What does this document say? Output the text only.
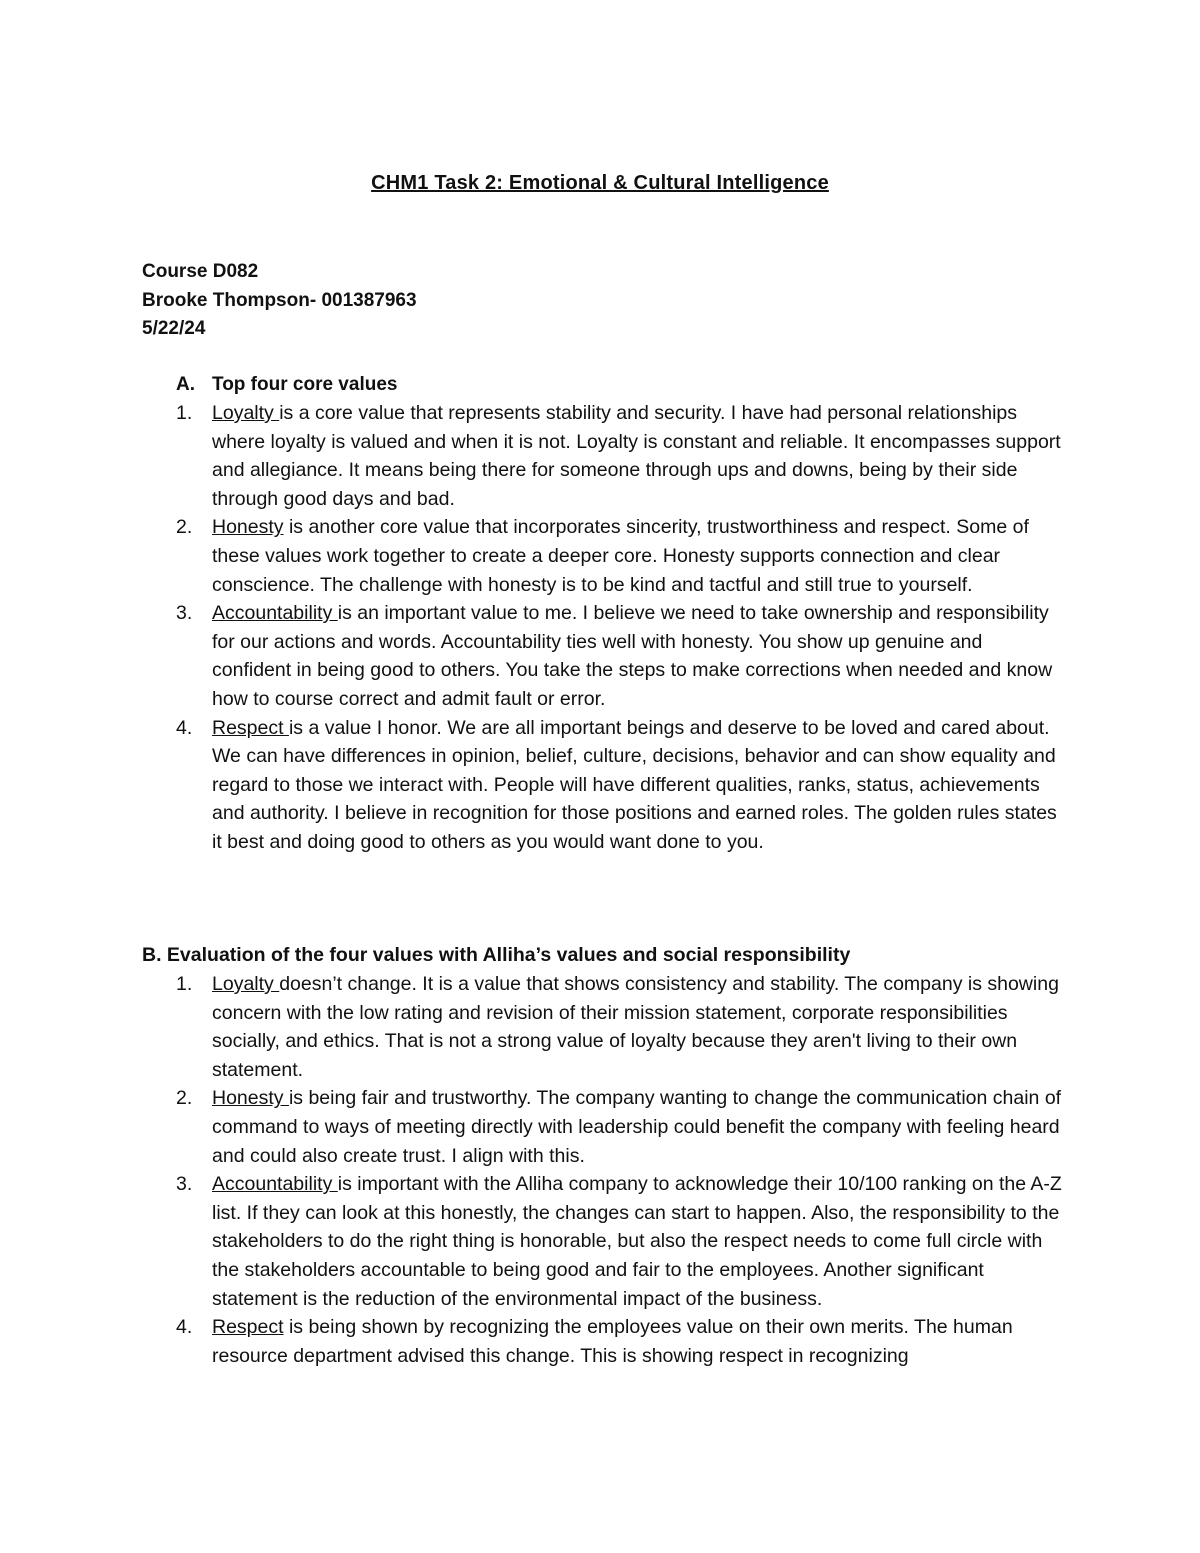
CHM1 Task 2: Emotional & Cultural Intelligence
Course D082
Brooke Thompson- 001387963
5/22/24
A. Top four core values
1. Loyalty is a core value that represents stability and security. I have had personal relationships where loyalty is valued and when it is not. Loyalty is constant and reliable. It encompasses support and allegiance. It means being there for someone through ups and downs, being by their side through good days and bad.
2. Honesty is another core value that incorporates sincerity, trustworthiness and respect. Some of these values work together to create a deeper core. Honesty supports connection and clear conscience. The challenge with honesty is to be kind and tactful and still true to yourself.
3. Accountability is an important value to me. I believe we need to take ownership and responsibility for our actions and words. Accountability ties well with honesty. You show up genuine and confident in being good to others. You take the steps to make corrections when needed and know how to course correct and admit fault or error.
4. Respect is a value I honor. We are all important beings and deserve to be loved and cared about. We can have differences in opinion, belief, culture, decisions, behavior and can show equality and regard to those we interact with. People will have different qualities, ranks, status, achievements and authority. I believe in recognition for those positions and earned roles. The golden rules states it best and doing good to others as you would want done to you.
B. Evaluation of the four values with Alliha’s values and social responsibility
1. Loyalty doesn’t change. It is a value that shows consistency and stability. The company is showing concern with the low rating and revision of their mission statement, corporate responsibilities socially, and ethics. That is not a strong value of loyalty because they aren't living to their own statement.
2. Honesty is being fair and trustworthy. The company wanting to change the communication chain of command to ways of meeting directly with leadership could benefit the company with feeling heard and could also create trust. I align with this.
3. Accountability is important with the Alliha company to acknowledge their 10/100 ranking on the A-Z list. If they can look at this honestly, the changes can start to happen. Also, the responsibility to the stakeholders to do the right thing is honorable, but also the respect needs to come full circle with the stakeholders accountable to being good and fair to the employees. Another significant statement is the reduction of the environmental impact of the business.
4. Respect is being shown by recognizing the employees value on their own merits. The human resource department advised this change. This is showing respect in recognizing
